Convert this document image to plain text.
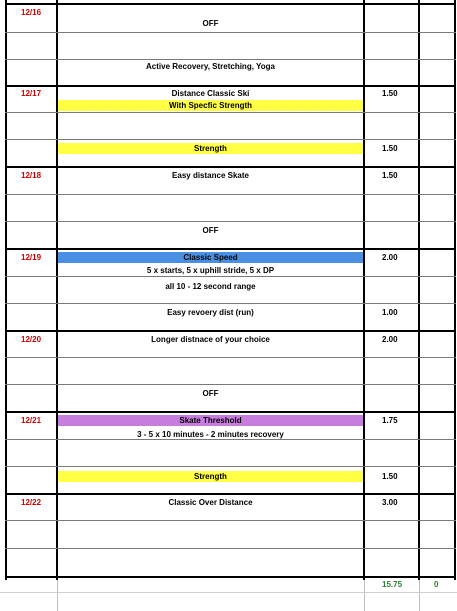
12/16
12/17
12/18
12/19
12/20
12/21
12/22
OFF
Active Recovery, Stretching, Yoga
Distance Classic Ski
With Specfic Strength
Strength
Easy distance Skate
OFF
Classic Speed
5 x starts, 5 x uphill stride, 5 x DP
all 10 - 12 second range
Easy revoery dist (run)
Longer distnace of your choice
OFF
Skate Threshold
3 - 5 x 10 minutes - 2 minutes recovery
Strength
Classic Over Distance
1.50
1.50
1.50
2.00
1.00
2.00
1.75
1.50
3.00
15.75	0
